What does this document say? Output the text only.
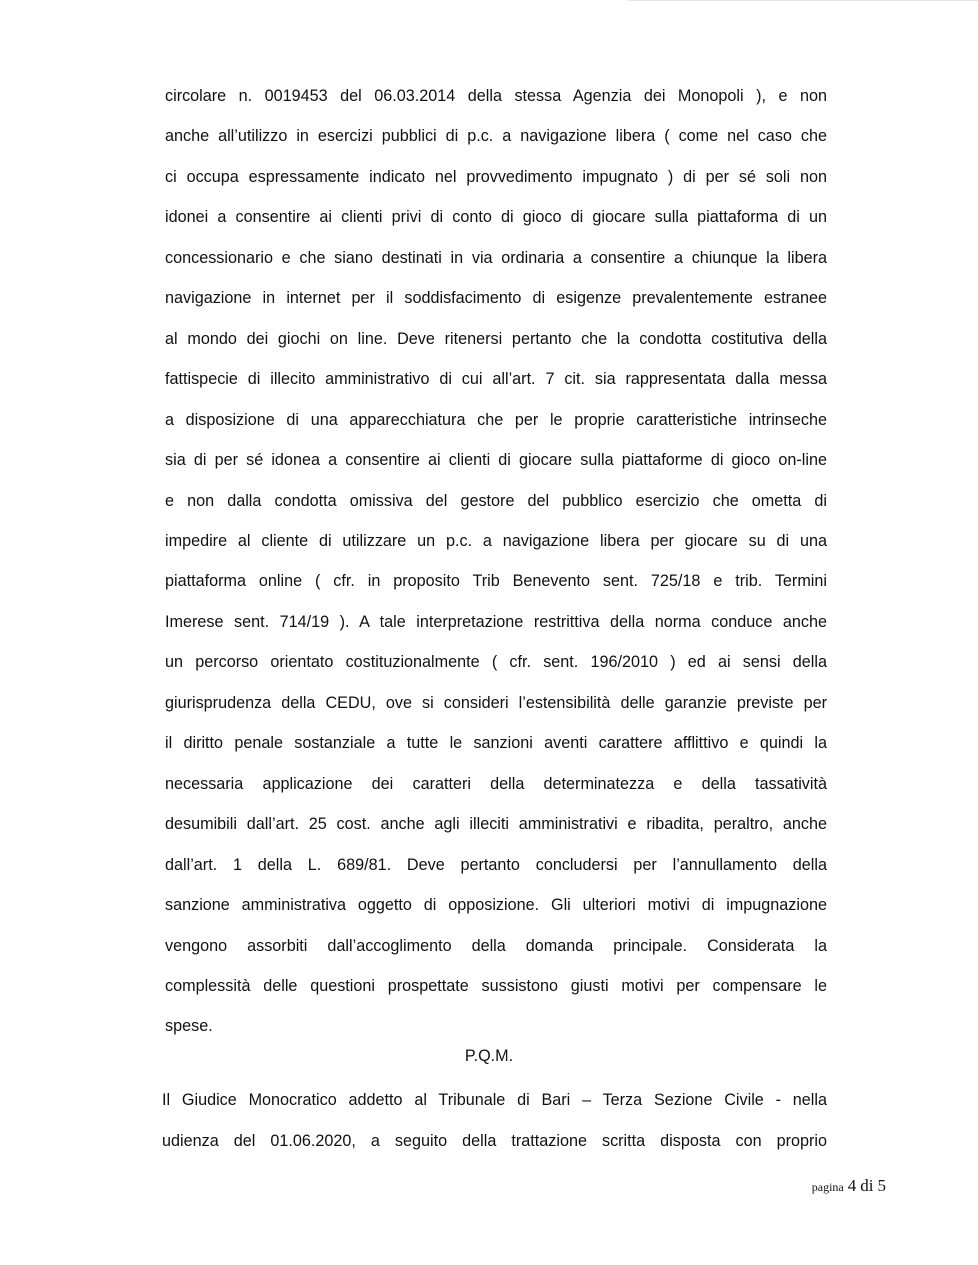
circolare n. 0019453 del 06.03.2014 della stessa Agenzia dei Monopoli ), e non
anche all’utilizzo in esercizi pubblici di p.c. a navigazione libera ( come nel caso che
ci occupa espressamente indicato nel provvedimento impugnato ) di per sé soli non
idonei a consentire ai clienti privi di conto di gioco di giocare sulla piattaforma di un
concessionario e che siano destinati in via ordinaria a consentire a chiunque la libera
navigazione in internet per il soddisfacimento di esigenze prevalentemente estranee
al mondo dei giochi on line. Deve ritenersi pertanto che la condotta costitutiva della
fattispecie di illecito amministrativo di cui all’art. 7 cit. sia rappresentata dalla messa
a disposizione di una apparecchiatura che per le proprie caratteristiche intrinseche
sia di per sé idonea a consentire ai clienti di giocare sulla piattaforme di gioco on-line
e non dalla condotta omissiva del gestore del pubblico esercizio che ometta di
impedire al cliente di utilizzare un p.c. a navigazione libera per giocare su di una
piattaforma online ( cfr. in proposito Trib Benevento sent. 725/18 e trib. Termini
Imerese sent. 714/19 ). A tale interpretazione restrittiva della norma conduce anche
un percorso orientato costituzionalmente ( cfr. sent. 196/2010 ) ed ai sensi della
giurisprudenza della CEDU, ove si consideri l’estensibilità delle garanzie previste per
il diritto penale sostanziale a tutte le sanzioni aventi carattere afflittivo e quindi la
necessaria applicazione dei caratteri della determinatezza e della tassatività
desumibili dall’art. 25 cost. anche agli illeciti amministrativi e ribadita, peraltro, anche
dall’art. 1 della L. 689/81. Deve pertanto concludersi per l’annullamento della
sanzione amministrativa oggetto di opposizione. Gli ulteriori motivi di impugnazione
vengono assorbiti dall’accoglimento della domanda principale. Considerata la
complessità delle questioni prospettate sussistono giusti motivi per compensare le
spese.
P.Q.M.
Il Giudice Monocratico addetto al Tribunale di Bari – Terza Sezione Civile - nella
udienza del 01.06.2020, a seguito della trattazione scritta disposta con proprio
pagina 4 di 5
